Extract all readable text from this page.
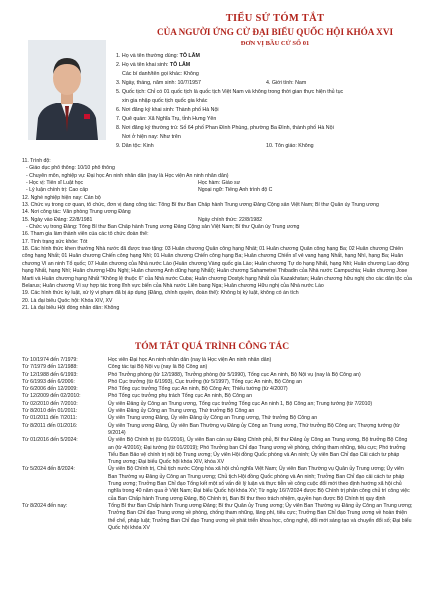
TIỂU SỬ TÓM TẮT
CỦA NGƯỜI ỨNG CỬ ĐẠI BIỂU QUỐC HỘI KHÓA XVI
ĐƠN VỊ BẦU CỬ SỐ 01
1. Họ và tên thường dùng: TÔ LÂM
2. Họ và tên khai sinh: TÔ LÂM
Các bí danh/tên gọi khác: Không
3. Ngày, tháng, năm sinh: 10/7/1957	4. Giới tính: Nam
5. Quốc tịch: Chỉ có 01 quốc tịch là quốc tịch Việt Nam và không trong thời gian thực hiện thủ tục
xin gia nhập quốc tịch quốc gia khác
6. Nơi đăng ký khai sinh: Thành phố Hà Nội
7. Quê quán: Xã Nghĩa Trụ, tỉnh Hưng Yên
8. Nơi đăng ký thường trú: Số 64 phố Phan Đình Phùng, phường Ba Đình, thành phố Hà Nội
Nơi ở hiện nay: Như trên
9. Dân tộc: Kinh	10. Tôn giáo: Không
11. Trình độ:
- Giáo dục phổ thông: 10/10 phổ thông
- Chuyên môn, nghiệp vụ: Đại học An ninh nhân dân (nay là Học viện An ninh nhân dân)
- Học vị: Tiến sĩ Luật học	Học hàm: Giáo sư
- Lý luận chính trị: Cao cấp	Ngoại ngữ: Tiếng Anh trình độ C
12. Nghề nghiệp hiện nay: Cán bộ
13. Chức vụ trong cơ quan, tổ chức, đơn vị đang công tác: Tổng Bí thư Ban Chấp hành Trung ương Đảng Cộng sản Việt Nam; Bí thư Quân ủy Trung ương
14. Nơi công tác: Văn phòng Trung ương Đảng
15. Ngày vào Đảng: 22/8/1981	Ngày chính thức: 22/8/1982
- Chức vụ trong Đảng: Tổng Bí thư Ban Chấp hành Trung ương Đảng Cộng sản Việt Nam; Bí thư Quân ủy Trung ương
16. Tham gia làm thành viên của các tổ chức đoàn thể:
17. Tình trạng sức khỏe: Tốt
18. Các hình thức khen thưởng Nhà nước đã được trao tặng: 03 Huân chương Quân công hạng Nhất; 01 Huân chương Quân công hạng Ba; 02 Huân chương Chiến công hạng Nhất; 01 Huân chương Chiến công hạng Nhì; 01 Huân chương Chiến công hạng Ba; Huân chương Chiến sĩ vẻ vang hạng Nhất, hạng Nhì, hạng Ba; Huân chương Vì an ninh Tổ quốc; 07 Huân chương của Nhà nước Lào (Huân chương Vàng quốc gia Lào; Huân chương Tự do hạng Nhất, hạng Nhì; Huân chương Lao động hạng Nhất, hạng Nhì; Huân chương Hữu Nghị; Huân chương Anh dũng hạng Nhất); Huân chương Sahametrei Thibadin của Nhà nước Campuchia; Huân chương Jose Marti và Huân chương hạng Nhất "Không lệ thuộc 6" của Nhà nước Cuba; Huân chương Dostyk hạng Nhất của Kazakhstan; Huân chương hữu nghị cho các dân tộc của Belarus; Huân chương Vì sự hợp tác trong lĩnh vực biển của Nhà nước Liên bang Nga; Huân chương Hữu nghị của Nhà nước Lào
19. Các hình thức kỷ luật, xử lý vi phạm đã bị áp dụng (Đảng, chính quyền, đoàn thể): Không bị kỷ luật, không có án tích
20. Là đại biểu Quốc hội: Khóa XIV, XV
21. Là đại biểu Hội đồng nhân dân: Không
TÓM TẮT QUÁ TRÌNH CÔNG TÁC
Từ 10/1974 đến 7/1979:	Học viên Đại học An ninh nhân dân (nay là Học viện An ninh nhân dân)
Từ 7/1979 đến 12/1988:	Công tác tại Bộ Nội vụ (nay là Bộ Công an)
Từ 12/1988 đến 6/1993:	Phó Trưởng phòng (từ 12/1988), Trưởng phòng (từ 5/1990), Tổng cục An ninh, Bộ Nội vụ (nay là Bộ Công an)
Từ 6/1993 đến 6/2006:	Phó Cục trưởng (từ 6/1993), Cục trưởng (từ 5/1997), Tổng cục An ninh, Bộ Công an
Từ 6/2006 đến 12/2009:	Phó Tổng cục trưởng Tổng cục An ninh, Bộ Công An; Thiếu tướng (từ 4/2007)
Từ 12/2009 đến 02/2010:	Phó Tổng cục trưởng phụ trách Tổng cục An ninh, Bộ Công an
Từ 02/2010 đến 7/2010:	Ủy viên Đảng ủy Công an Trung ương, Tổng cục trưởng Tổng cục An ninh 1, Bộ Công an; Trung tướng (từ 7/2010)
Từ 8/2010 đến 01/2011:	Ủy viên Đảng ủy Công an Trung ương, Thứ trưởng Bộ Công an
Từ 01/2011 đến 7/2011:	Ủy viên Trung ương Đảng, Ủy viên Đảng ủy Công an Trung ương, Thứ trưởng Bộ Công an
Từ 8/2011 đến 01/2016:	Ủy viên Trung ương Đảng, Ủy viên Ban Thường vụ Đảng ủy Công an Trung ương, Thứ trưởng Bộ Công an; Thượng tướng (từ 9/2014)
Từ 01/2016 đến 5/2024:	Ủy viên Bộ Chính trị (từ 01/2016), Ủy viên Ban cán sự Đảng Chính phủ, Bí thư Đảng ủy Công an Trung ương, Bộ trưởng Bộ Công an (từ 4/2016); Đại tướng (từ 01/2019); Phó Trưởng ban Chỉ đạo Trung ương về phòng, chống tham nhũng, tiêu cực; Phó trưởng Tiểu Ban Bảo vệ chính trị nội bộ Trung ương; Ủy viên Hội đồng Quốc phòng và An ninh; Ủy viên Ban Chỉ đạo Cải cách tư pháp Trung ương; Đại biểu Quốc hội khóa XIV, khóa XV
Từ 5/2024 đến 8/2024:	Ủy viên Bộ Chính trị, Chủ tịch nước Cộng hòa xã hội chủ nghĩa Việt Nam; Ủy viên Ban Thường vụ Quân ủy Trung ương; Ủy viên Ban Thường vụ Đảng ủy Công an Trung ương; Chủ tịch Hội đồng Quốc phòng và An ninh; Trưởng Ban Chỉ đạo cải cách tư pháp Trung ương; Trưởng Ban Chỉ đạo Tổng kết một số vấn đề lý luận và thực tiễn về công cuộc đổi mới theo định hướng xã hội chủ nghĩa trong 40 năm qua ở Việt Nam; Đại biểu Quốc hội khóa XV; Từ ngày 16/7/2024 được Bộ Chính trị phân công chủ trì công việc của Ban Chấp hành Trung ương Đảng, Bộ Chính trị, Ban Bí thư theo trách nhiệm, quyền hạn được Bộ Chính trị quy định
Từ 8/2024 đến nay:	Tổng Bí thư Ban Chấp hành Trung ương Đảng; Bí thư Quân ủy Trung ương; Ủy viên Ban Thường vụ Đảng ủy Công an Trung ương; Trưởng Ban Chỉ đạo Trung ương về phòng, chống tham nhũng, lãng phí, tiêu cực; Trưởng Ban Chỉ đạo Trung ương về hoàn thiện thể chế, pháp luật; Trưởng Ban Chỉ đạo Trung ương về phát triển khoa học, công nghệ, đổi mới sáng tạo và chuyển đổi số; Đại biểu Quốc hội khóa XV
